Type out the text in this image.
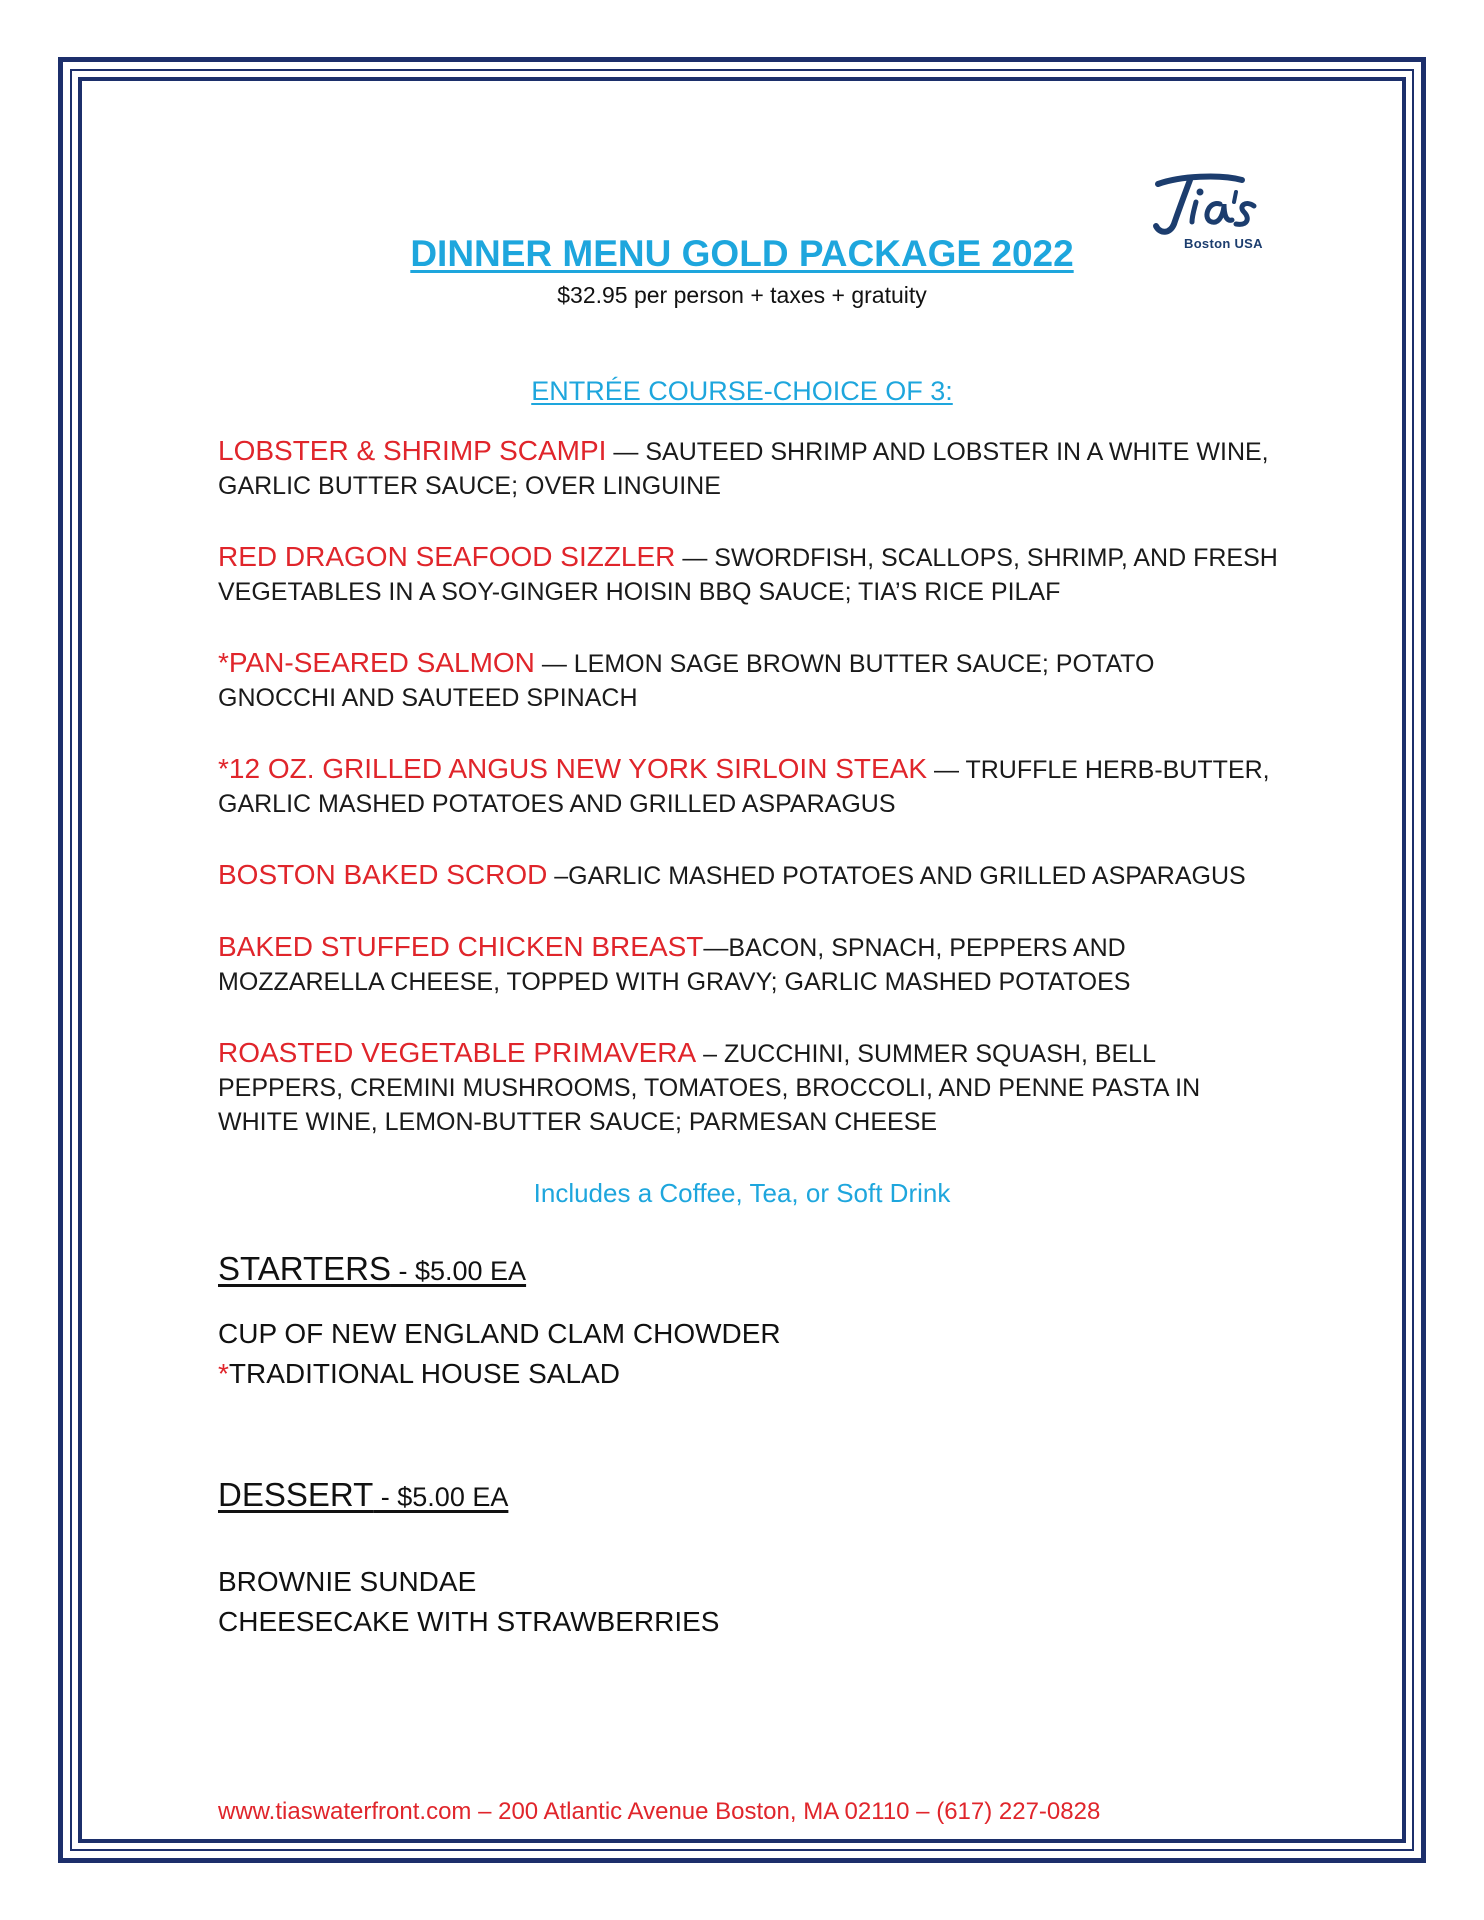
Boston USA
DINNER MENU GOLD PACKAGE 2022
$32.95 per person + taxes + gratuity
ENTRÉE COURSE-CHOICE OF 3:
LOBSTER & SHRIMP SCAMPI — SAUTEED SHRIMP AND LOBSTER IN A WHITE WINE, GARLIC BUTTER SAUCE; OVER LINGUINE
RED DRAGON SEAFOOD SIZZLER — SWORDFISH, SCALLOPS, SHRIMP, AND FRESH VEGETABLES IN A SOY-GINGER HOISIN BBQ SAUCE; TIA’S RICE PILAF
*PAN-SEARED SALMON — LEMON SAGE BROWN BUTTER SAUCE; POTATO GNOCCHI AND SAUTEED SPINACH
*12 OZ. GRILLED ANGUS NEW YORK SIRLOIN STEAK — TRUFFLE HERB-BUTTER, GARLIC MASHED POTATOES AND GRILLED ASPARAGUS
BOSTON BAKED SCROD –GARLIC MASHED POTATOES AND GRILLED ASPARAGUS
BAKED STUFFED CHICKEN BREAST—BACON, SPNACH, PEPPERS AND MOZZARELLA CHEESE, TOPPED WITH GRAVY; GARLIC MASHED POTATOES
ROASTED VEGETABLE PRIMAVERA – ZUCCHINI, SUMMER SQUASH, BELL PEPPERS, CREMINI MUSHROOMS, TOMATOES, BROCCOLI, AND PENNE PASTA IN WHITE WINE, LEMON-BUTTER SAUCE; PARMESAN CHEESE
Includes a Coffee, Tea, or Soft Drink
STARTERS - $5.00 EA
CUP OF NEW ENGLAND CLAM CHOWDER
*TRADITIONAL HOUSE SALAD
DESSERT - $5.00 EA
BROWNIE SUNDAE
CHEESECAKE WITH STRAWBERRIES
www.tiaswaterfront.com – 200 Atlantic Avenue Boston, MA 02110 – (617) 227-0828
